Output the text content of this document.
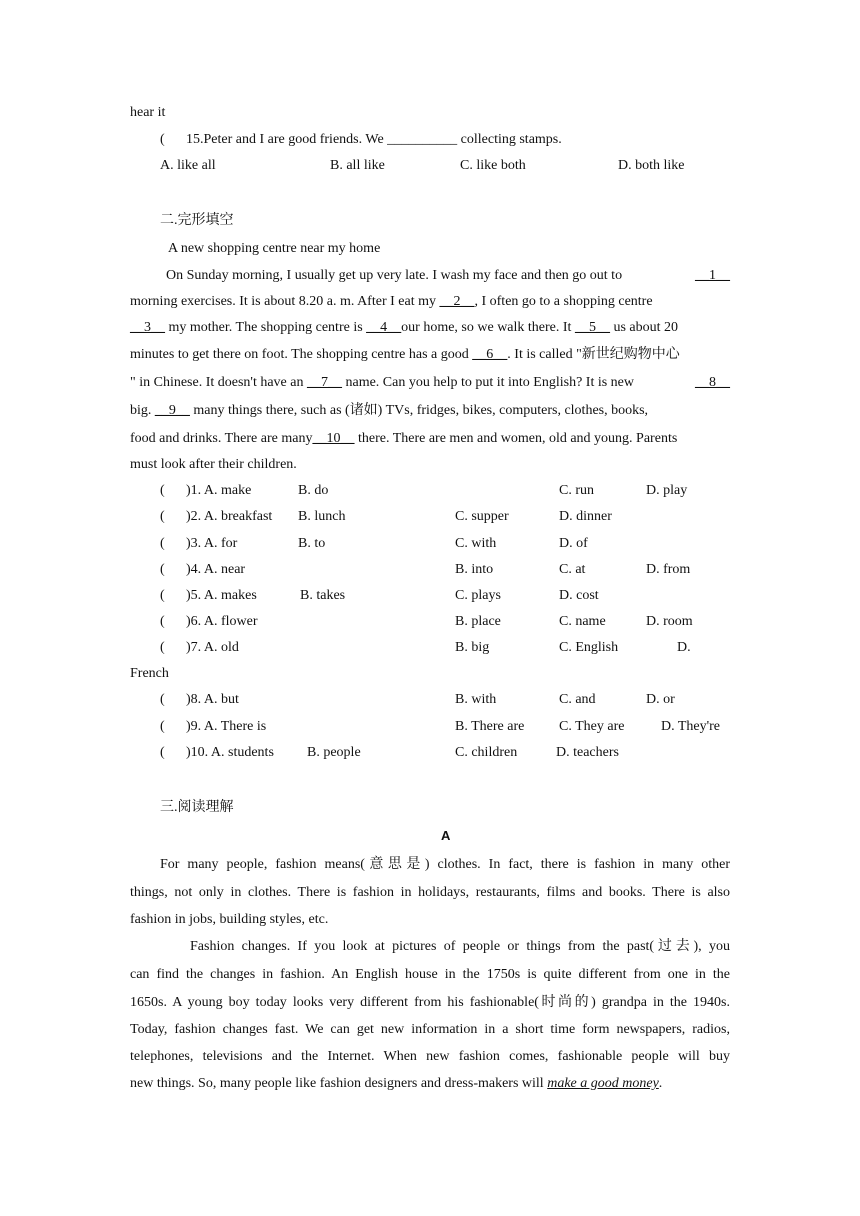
hear it
( 15.Peter and I are good friends. We __________ collecting stamps.
A. like all	B. all like	C. like both	D. both like
二.完形填空
A new shopping centre near my home
On Sunday morning, I usually get up very late. I wash my face and then go out to	__1__
morning exercises. It is about 8.20 a. m. After I eat my __2__, I often go to a shopping centre
__3__ my mother. The shopping centre is __4__our home, so we walk there. It __5__ us about 20
minutes to get there on foot. The shopping centre has a good __6__. It is called "新世纪购物中心
" in Chinese. It doesn't have an __7__ name. Can you help to put it into English? It is new	__8__
big. __9__ many things there, such as (诸如) TVs, fridges, bikes, computers, clothes, books,
food and drinks. There are many__10__ there. There are men and women, old and young. Parents
must look after their children.
( )1. A. make	B. do	C. run	D. play
( )2. A. breakfast B. lunch	C. supper	D. dinner
( )3. A. for	B. to	C. with	D. of
( )4. A. near	B. into	C. at	D. from
( )5. A. makes	B. takes	C. plays	D. cost
( )6. A. flower	B. place	C. name	D. room
( )7. A. old	B. big	C. English	D.
( )8. A. but	B. with	C. and	D. or
( )9. A. There is	B. There are C. They are	D. They're
( )10. A. students B. people	C. children	D. teachers
French
三.阅读理解
A
For many people, fashion means(意思是) clothes. In fact, there is fashion in many other
things, not only in clothes. There is fashion in holidays, restaurants, films and books. There is also
fashion in jobs, building styles, etc.
Fashion changes. If you look at pictures of people or things from the past(过去), you
can find the changes in fashion. An English house in the 1750s is quite different from one in the
1650s. A young boy today looks very different from his fashionable(时尚的) grandpa in the 1940s.
Today, fashion changes fast. We can get new information in a short time form newspapers, radios,
telephones, televisions and the Internet. When new fashion comes, fashionable people will buy
new things. So, many people like fashion designers and dress-makers will make a good money.
